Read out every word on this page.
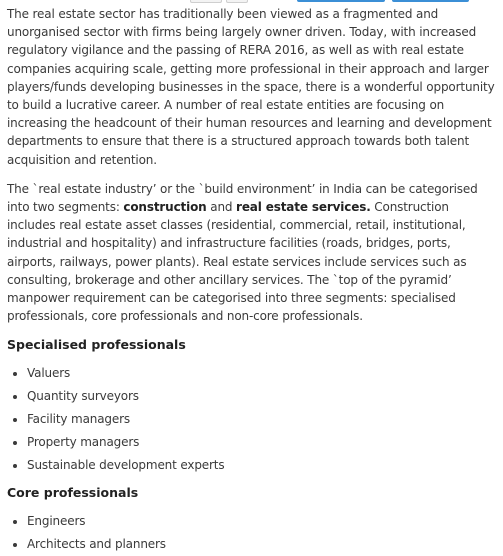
The real estate sector has traditionally been viewed as a fragmented and unorganised sector with firms being largely owner driven. Today, with increased regulatory vigilance and the passing of RERA 2016, as well as with real estate companies acquiring scale, getting more professional in their approach and larger players/funds developing businesses in the space, there is a wonderful opportunity to build a lucrative career. A number of real estate entities are focusing on increasing the headcount of their human resources and learning and development departments to ensure that there is a structured approach towards both talent acquisition and retention.

The `real estate industry’ or the `build environment’ in India can be categorised into two segments: construction and real estate services. Construction includes real estate asset classes (residential, commercial, retail, institutional, industrial and hospitality) and infrastructure facilities (roads, bridges, ports, airports, railways, power plants). Real estate services include services such as consulting, brokerage and other ancillary services. The `top of the pyramid’ manpower requirement can be categorised into three segments: specialised professionals, core professionals and non-core professionals.

Specialised professionals
Valuers
Quantity surveyors
Facility managers
Property managers
Sustainable development experts
Core professionals
Engineers
Architects and planners
